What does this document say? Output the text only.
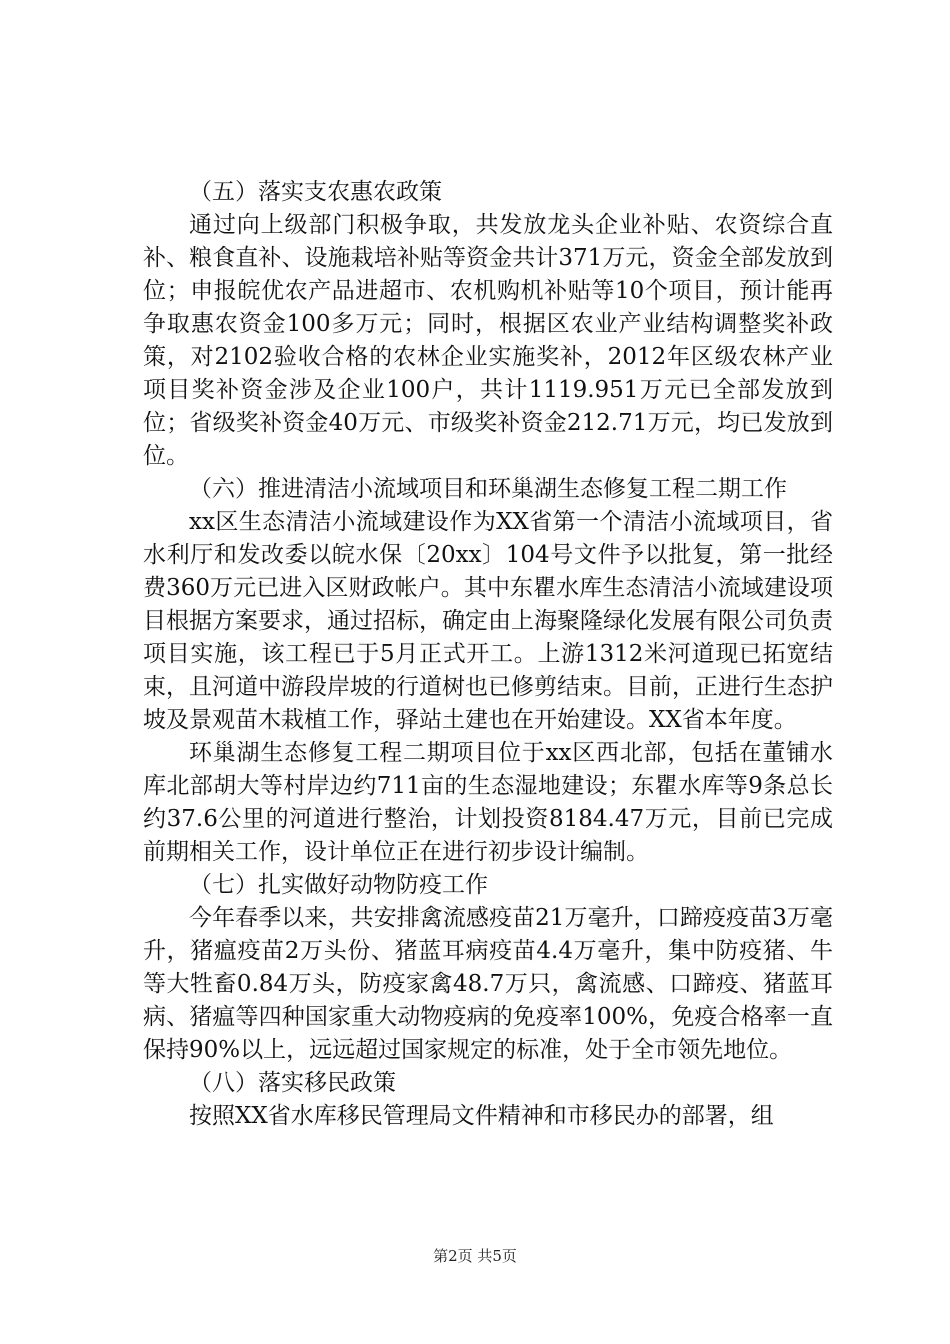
（五）落实支农惠农政策

通过向上级部门积极争取，共发放龙头企业补贴、农资综合直补、粮食直补、设施栽培补贴等资金共计371万元，资金全部发放到位；申报皖优农产品进超市、农机购机补贴等10个项目，预计能再争取惠农资金100多万元；同时，根据区农业产业结构调整奖补政策，对2102验收合格的农林企业实施奖补，2012年区级农林产业项目奖补资金涉及企业100户，共计1119.951万元已全部发放到位；省级奖补资金40万元、市级奖补资金212.71万元，均已发放到位。

（六）推进清洁小流域项目和环巢湖生态修复工程二期工作

xx区生态清洁小流域建设作为XX省第一个清洁小流域项目，省水利厅和发改委以皖水保〔20xx〕104号文件予以批复，第一批经费360万元已进入区财政帐户。其中东瞿水库生态清洁小流域建设项目根据方案要求，通过招标，确定由上海聚隆绿化发展有限公司负责项目实施，该工程已于5月正式开工。上游1312米河道现已拓宽结束，且河道中游段岸坡的行道树也已修剪结束。目前，正进行生态护坡及景观苗木栽植工作，驿站土建也在开始建设。XX省本年度。

环巢湖生态修复工程二期项目位于xx区西北部，包括在董铺水库北部胡大等村岸边约711亩的生态湿地建设；东瞿水库等9条总长约37.6公里的河道进行整治，计划投资8184.47万元，目前已完成前期相关工作，设计单位正在进行初步设计编制。

（七）扎实做好动物防疫工作

今年春季以来，共安排禽流感疫苗21万毫升，口蹄疫疫苗3万毫升，猪瘟疫苗2万头份、猪蓝耳病疫苗4.4万毫升，集中防疫猪、牛等大牲畜0.84万头，防疫家禽48.7万只，禽流感、口蹄疫、猪蓝耳病、猪瘟等四种国家重大动物疫病的免疫率100%，免疫合格率一直保持90%以上，远远超过国家规定的标准，处于全市领先地位。

（八）落实移民政策

按照XX省水库移民管理局文件精神和市移民办的部署，组

第2页 共5页
